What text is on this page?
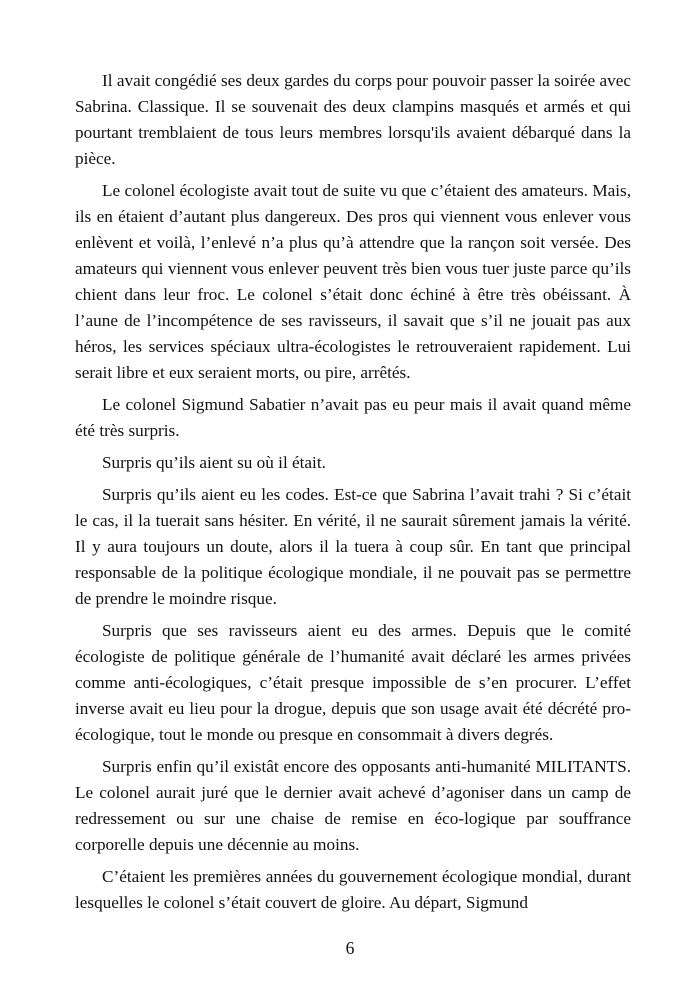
Il avait congédié ses deux gardes du corps pour pouvoir passer la soirée avec Sabrina. Classique. Il se souvenait des deux clampins masqués et armés et qui pourtant tremblaient de tous leurs membres lorsqu'ils avaient débarqué dans la pièce.

Le colonel écologiste avait tout de suite vu que c’étaient des amateurs. Mais, ils en étaient d’autant plus dangereux. Des pros qui viennent vous enlever vous enlèvent et voilà, l’enlevé n’a plus qu’à attendre que la rançon soit versée. Des amateurs qui viennent vous enlever peuvent très bien vous tuer juste parce qu’ils chient dans leur froc. Le colonel s’était donc échiné à être très obéissant. À l’aune de l’incompétence de ses ravisseurs, il savait que s’il ne jouait pas aux héros, les services spéciaux ultra-écologistes le retrouveraient rapidement. Lui serait libre et eux seraient morts, ou pire, arrêtés.

Le colonel Sigmund Sabatier n’avait pas eu peur mais il avait quand même été très surpris.

Surpris qu’ils aient su où il était.

Surpris qu’ils aient eu les codes. Est-ce que Sabrina l’avait trahi ? Si c’était le cas, il la tuerait sans hésiter. En vérité, il ne saurait sûrement jamais la vérité. Il y aura toujours un doute, alors il la tuera à coup sûr. En tant que principal responsable de la politique écologique mondiale, il ne pouvait pas se permettre de prendre le moindre risque.

Surpris que ses ravisseurs aient eu des armes. Depuis que le comité écologiste de politique générale de l’humanité avait déclaré les armes privées comme anti-écologiques, c’était presque impossible de s’en procurer. L’effet inverse avait eu lieu pour la drogue, depuis que son usage avait été décrété pro-écologique, tout le monde ou presque en consommait à divers degrés.

Surpris enfin qu’il existât encore des opposants anti-humanité MILITANTS. Le colonel aurait juré que le dernier avait achevé d’agoniser dans un camp de redressement ou sur une chaise de remise en éco-logique par souffrance corporelle depuis une décennie au moins.

C’étaient les premières années du gouvernement écologique mondial, durant lesquelles le colonel s’était couvert de gloire. Au départ, Sigmund

6
